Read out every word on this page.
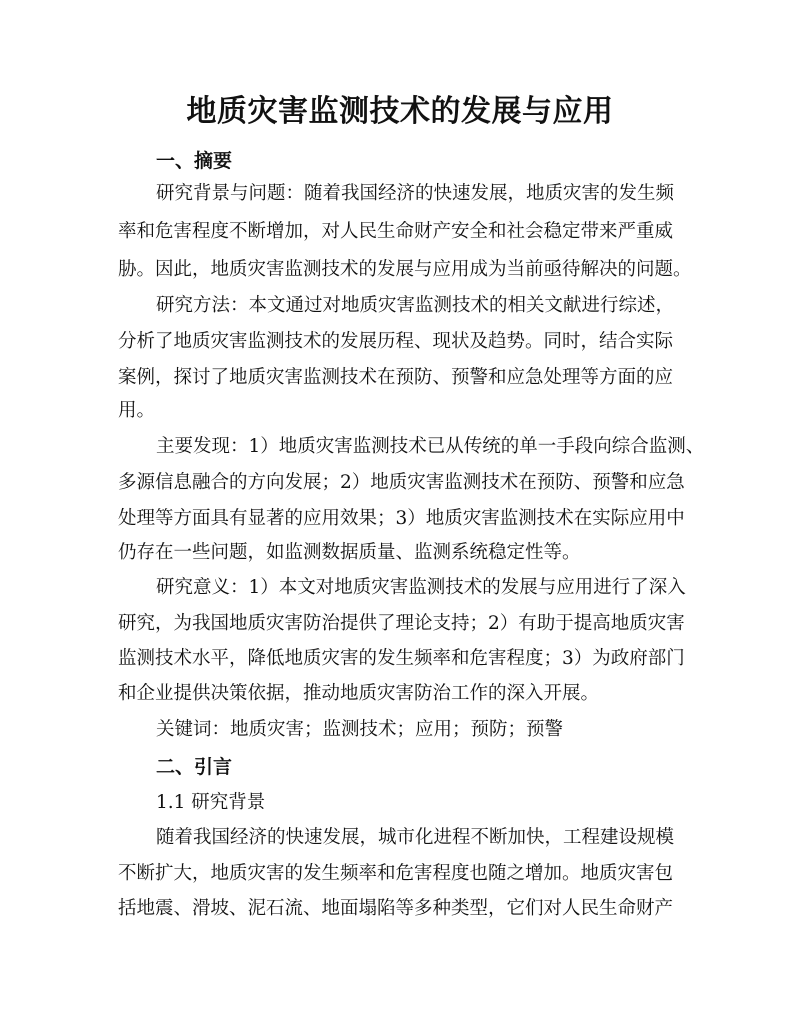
地质灾害监测技术的发展与应用
一、摘要
研究背景与问题：随着我国经济的快速发展，地质灾害的发生频
率和危害程度不断增加，对人民生命财产安全和社会稳定带来严重威
胁。因此，地质灾害监测技术的发展与应用成为当前亟待解决的问题。
研究方法：本文通过对地质灾害监测技术的相关文献进行综述，
分析了地质灾害监测技术的发展历程、现状及趋势。同时，结合实际
案例，探讨了地质灾害监测技术在预防、预警和应急处理等方面的应
用。
主要发现：1）地质灾害监测技术已从传统的单一手段向综合监测、
多源信息融合的方向发展；2）地质灾害监测技术在预防、预警和应急
处理等方面具有显著的应用效果；3）地质灾害监测技术在实际应用中
仍存在一些问题，如监测数据质量、监测系统稳定性等。
研究意义：1）本文对地质灾害监测技术的发展与应用进行了深入
研究，为我国地质灾害防治提供了理论支持；2）有助于提高地质灾害
监测技术水平，降低地质灾害的发生频率和危害程度；3）为政府部门
和企业提供决策依据，推动地质灾害防治工作的深入开展。
关键词：地质灾害；监测技术；应用；预防；预警
二、引言
1.1 研究背景
随着我国经济的快速发展，城市化进程不断加快，工程建设规模
不断扩大，地质灾害的发生频率和危害程度也随之增加。地质灾害包
括地震、滑坡、泥石流、地面塌陷等多种类型，它们对人民生命财产
